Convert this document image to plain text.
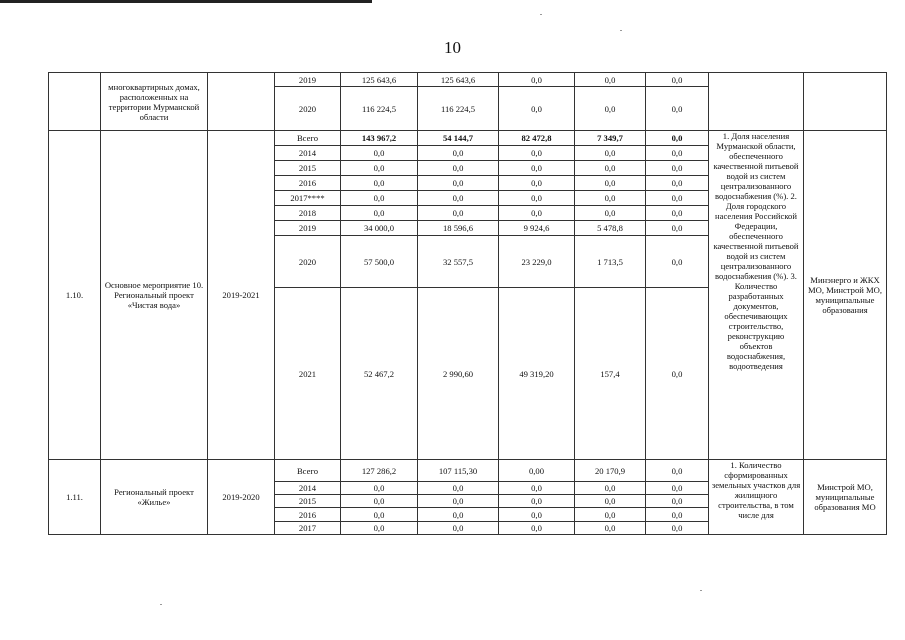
10
	многоквартирных домах, расположенных на территории Мурманской области		2019	125 643,6	125 643,6	0,0	0,0	0,0		
			2020	116 224,5	116 224,5	0,0	0,0	0,0		
1.10.	Основное мероприятие 10. Региональный проект «Чистая вода»	2019-2021	Всего	143 967,2	54 144,7	82 472,8	7 349,7	0,0	1. Доля населения Мурманской области, обеспеченного качественной питьевой водой из систем централизованного водоснабжения (%). 2. Доля городского населения Российской Федерации, обеспеченного качественной питьевой водой из систем централизованного водоснабжения (%). 3. Количество разработанных документов, обеспечивающих строительство, реконструкцию объектов водоснабжения, водоотведения	Минэнерго и ЖКХ МО, Минстрой МО, муниципальные образования
			2014	0,0	0,0	0,0	0,0	0,0		
			2015	0,0	0,0	0,0	0,0	0,0		
			2016	0,0	0,0	0,0	0,0	0,0		
			2017****	0,0	0,0	0,0	0,0	0,0		
			2018	0,0	0,0	0,0	0,0	0,0		
			2019	34 000,0	18 596,6	9 924,6	5 478,8	0,0		
			2020	57 500,0	32 557,5	23 229,0	1 713,5	0,0		
			2021	52 467,2	2 990,60	49 319,20	157,4	0,0		
1.11.	Региональный проект «Жилье»	2019-2020	Всего	127 286,2	107 115,30	0,00	20 170,9	0,0	1. Количество сформированных земельных участков для жилищного строительства, в том числе для	Минстрой МО, муниципальные образования МО
			2014	0,0	0,0	0,0	0,0	0,0		
			2015	0,0	0,0	0,0	0,0	0,0		
			2016	0,0	0,0	0,0	0,0	0,0		
			2017	0,0	0,0	0,0	0,0	0,0		
